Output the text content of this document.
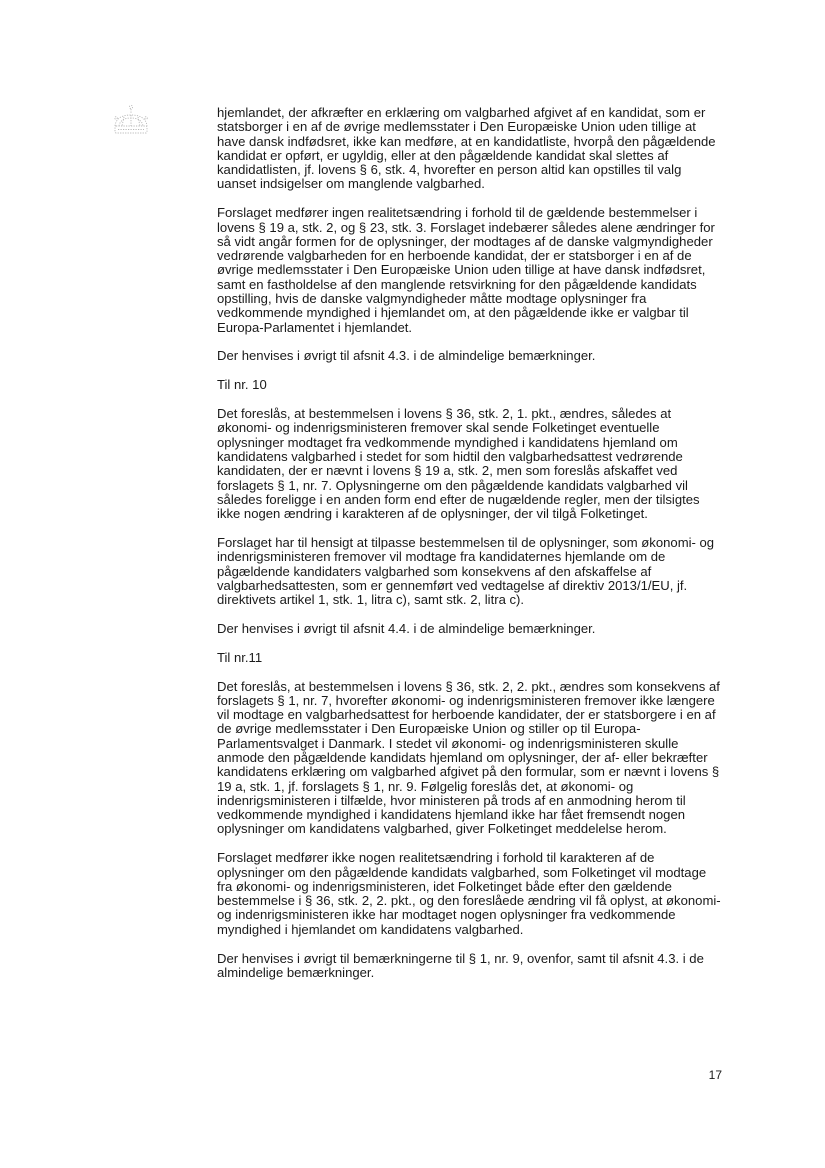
hjemlandet, der afkræfter en erklæring om valgbarhed afgivet af en kandidat, som er statsborger i en af de øvrige medlemsstater i Den Europæiske Union uden tillige at have dansk indfødsret, ikke kan medføre, at en kandidatliste, hvorpå den pågældende kandidat er opført, er ugyldig, eller at den pågældende kandidat skal slettes af kandidatlisten, jf. lovens § 6, stk. 4, hvorefter en person altid kan opstilles til valg uanset indsigelser om manglende valgbarhed.

Forslaget medfører ingen realitetsændring i forhold til de gældende bestemmelser i lovens § 19 a, stk. 2, og § 23, stk. 3. Forslaget indebærer således alene ændringer for så vidt angår formen for de oplysninger, der modtages af de danske valgmyndigheder vedrørende valgbarheden for en herboende kandidat, der er statsborger i en af de øvrige medlemsstater i Den Europæiske Union uden tillige at have dansk indfødsret, samt en fastholdelse af den manglende retsvirkning for den pågældende kandidats opstilling, hvis de danske valgmyndigheder måtte modtage oplysninger fra vedkommende myndighed i hjemlandet om, at den pågældende ikke er valgbar til Europa-Parlamentet i hjemlandet.

Der henvises i øvrigt til afsnit 4.3. i de almindelige bemærkninger.

Til nr. 10

Det foreslås, at bestemmelsen i lovens § 36, stk. 2, 1. pkt., ændres, således at økonomi- og indenrigsministeren fremover skal sende Folketinget eventuelle oplysninger modtaget fra vedkommende myndighed i kandidatens hjemland om kandidatens valgbarhed i stedet for som hidtil den valgbarhedsattest vedrørende kandidaten, der er nævnt i lovens § 19 a, stk. 2, men som foreslås afskaffet ved forslagets § 1, nr. 7. Oplysningerne om den pågældende kandidats valgbarhed vil således foreligge i en anden form end efter de nugældende regler, men der tilsigtes ikke nogen ændring i karakteren af de oplysninger, der vil tilgå Folketinget.

Forslaget har til hensigt at tilpasse bestemmelsen til de oplysninger, som økonomi- og indenrigsministeren fremover vil modtage fra kandidaternes hjemlande om de pågældende kandidaters valgbarhed som konsekvens af den afskaffelse af valgbarhedsattesten, som er gennemført ved vedtagelse af direktiv 2013/1/EU, jf. direktivets artikel 1, stk. 1, litra c), samt stk. 2, litra c).

Der henvises i øvrigt til afsnit 4.4. i de almindelige bemærkninger.

Til nr.11

Det foreslås, at bestemmelsen i lovens § 36, stk. 2, 2. pkt., ændres som konsekvens af forslagets § 1, nr. 7, hvorefter økonomi- og indenrigsministeren fremover ikke længere vil modtage en valgbarhedsattest for herboende kandidater, der er statsborgere i en af de øvrige medlemsstater i Den Europæiske Union og stiller op til Europa-Parlamentsvalget i Danmark. I stedet vil økonomi- og indenrigsministeren skulle anmode den pågældende kandidats hjemland om oplysninger, der af- eller bekræfter kandidatens erklæring om valgbarhed afgivet på den formular, som er nævnt i lovens § 19 a, stk. 1, jf. forslagets § 1, nr. 9. Følgelig foreslås det, at økonomi- og indenrigsministeren i tilfælde, hvor ministeren på trods af en anmodning herom til vedkommende myndighed i kandidatens hjemland ikke har fået fremsendt nogen oplysninger om kandidatens valgbarhed, giver Folketinget meddelelse herom.

Forslaget medfører ikke nogen realitetsændring i forhold til karakteren af de oplysninger om den pågældende kandidats valgbarhed, som Folketinget vil modtage fra økonomi- og indenrigsministeren, idet Folketinget både efter den gældende bestemmelse i § 36, stk. 2, 2. pkt., og den foreslåede ændring vil få oplyst, at økonomi- og indenrigsministeren ikke har modtaget nogen oplysninger fra vedkommende myndighed i hjemlandet om kandidatens valgbarhed.

Der henvises i øvrigt til bemærkningerne til § 1, nr. 9, ovenfor, samt til afsnit 4.3. i de almindelige bemærkninger.

17
